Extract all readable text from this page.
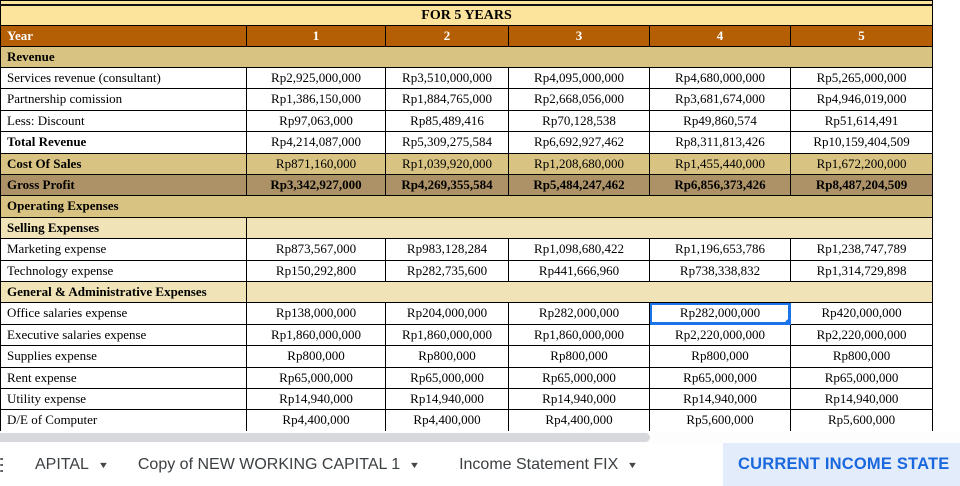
FOR 5 YEARS					
Year	1	2	3	4	5
Revenue					
Services revenue (consultant)	Rp2,925,000,000	Rp3,510,000,000	Rp4,095,000,000	Rp4,680,000,000	Rp5,265,000,000
Partnership comission	Rp1,386,150,000	Rp1,884,765,000	Rp2,668,056,000	Rp3,681,674,000	Rp4,946,019,000
Less: Discount	Rp97,063,000	Rp85,489,416	Rp70,128,538	Rp49,860,574	Rp51,614,491
Total Revenue	Rp4,214,087,000	Rp5,309,275,584	Rp6,692,927,462	Rp8,311,813,426	Rp10,159,404,509
Cost Of Sales	Rp871,160,000	Rp1,039,920,000	Rp1,208,680,000	Rp1,455,440,000	Rp1,672,200,000
Gross Profit	Rp3,342,927,000	Rp4,269,355,584	Rp5,484,247,462	Rp6,856,373,426	Rp8,487,204,509
Operating Expenses					
Selling Expenses					
Marketing expense	Rp873,567,000	Rp983,128,284	Rp1,098,680,422	Rp1,196,653,786	Rp1,238,747,789
Technology expense	Rp150,292,800	Rp282,735,600	Rp441,666,960	Rp738,338,832	Rp1,314,729,898
General & Administrative Expenses					
Office salaries expense	Rp138,000,000	Rp204,000,000	Rp282,000,000	Rp282,000,000	Rp420,000,000
Executive salaries expense	Rp1,860,000,000	Rp1,860,000,000	Rp1,860,000,000	Rp2,220,000,000	Rp2,220,000,000
Supplies expense	Rp800,000	Rp800,000	Rp800,000	Rp800,000	Rp800,000
Rent expense	Rp65,000,000	Rp65,000,000	Rp65,000,000	Rp65,000,000	Rp65,000,000
Utility expense	Rp14,940,000	Rp14,940,000	Rp14,940,000	Rp14,940,000	Rp14,940,000
D/E of Computer	Rp4,400,000	Rp4,400,000	Rp4,400,000	Rp5,600,000	Rp5,600,000
APITAL ▼ Copy of NEW WORKING CAPITAL 1 ▼ Income Statement FIX ▼	CURRENT INCOME STATE
